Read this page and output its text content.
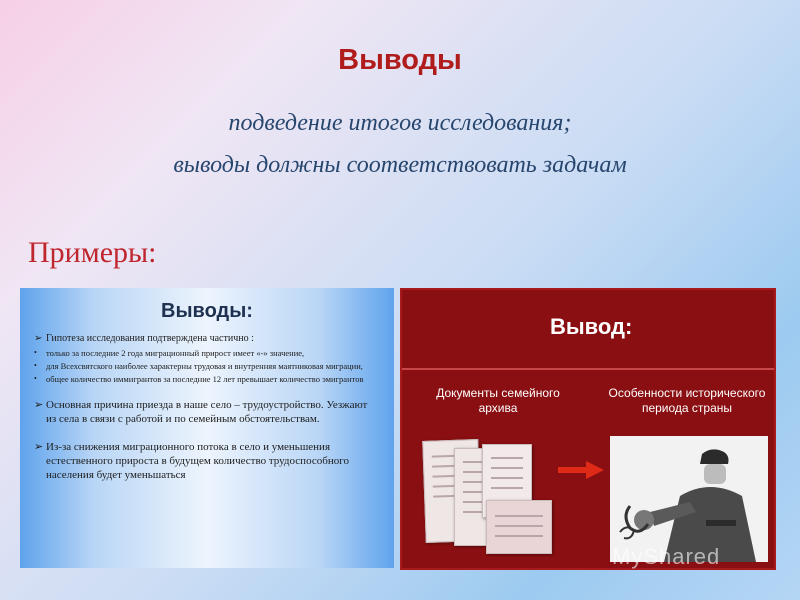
Выводы
подведение итогов исследования;
выводы должны соответствовать задачам
Примеры:
Выводы:
➢ Гипотеза исследования подтверждена частично :
•	только за последние 2 года миграционный прирост имеет «-» значение,
•	для Всехсвятского наиболее характерны трудовая и внутренняя маятниковая миграции,
•	общее количество иммигрантов за последние 12 лет превышает количество эмигрантов
➢ Основная причина приезда в наше село – трудоустройство. Уезжают из села в связи с работой и по семейным обстоятельствам.
➢ Из-за снижения миграционного потока в село и уменьшения естественного прироста в будущем количество трудоспособного населения будет уменьшаться
Вывод:
Документы семейного архива
Особенности исторического периода страны
MyShared
